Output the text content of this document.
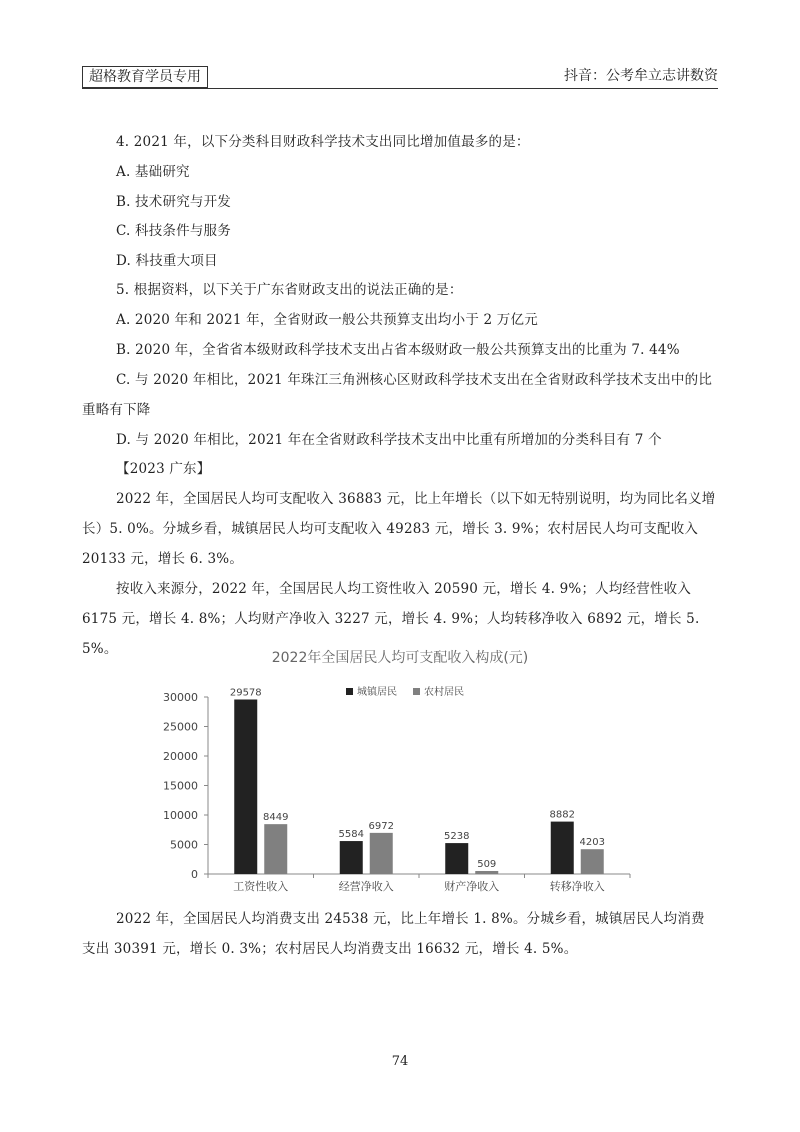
超格教育学员专用	抖音：公考牟立志讲数资

4. 2021 年，以下分类科目财政科学技术支出同比增加值最多的是：

A. 基础研究

B. 技术研究与开发

C. 科技条件与服务

D. 科技重大项目

5. 根据资料，以下关于广东省财政支出的说法正确的是：

A. 2020 年和 2021 年，全省财政一般公共预算支出均小于 2 万亿元

B. 2020 年，全省省本级财政科学技术支出占省本级财政一般公共预算支出的比重为 7. 44%

C. 与 2020 年相比，2021 年珠江三角洲核心区财政科学技术支出在全省财政科学技术支出中的比重略有下降

D. 与 2020 年相比，2021 年在全省财政科学技术支出中比重有所增加的分类科目有 7 个

【2023 广东】

2022 年，全国居民人均可支配收入 36883 元，比上年增长（以下如无特别说明，均为同比名义增长）5. 0%。分城乡看，城镇居民人均可支配收入 49283 元，增长 3. 9%；农村居民人均可支配收入 20133 元，增长 6. 3%。

按收入来源分，2022 年，全国居民人均工资性收入 20590 元，增长 4. 9%；人均经营性收入 6175 元，增长 4. 8%；人均财产净收入 3227 元，增长 4. 9%；人均转移净收入 6892 元，增长 5. 5%。

2022年全国居民人均可支配收入构成(元)
城镇居民	农村居民
0
5000
10000
15000
20000
25000
30000
工资性收入	经营净收入	财产净收入	转移净收入
29578
8449
5584
6972
5238
509
8882
4203

2022 年，全国居民人均消费支出 24538 元，比上年增长 1. 8%。分城乡看，城镇居民人均消费支出 30391 元，增长 0. 3%；农村居民人均消费支出 16632 元，增长 4. 5%。

74
